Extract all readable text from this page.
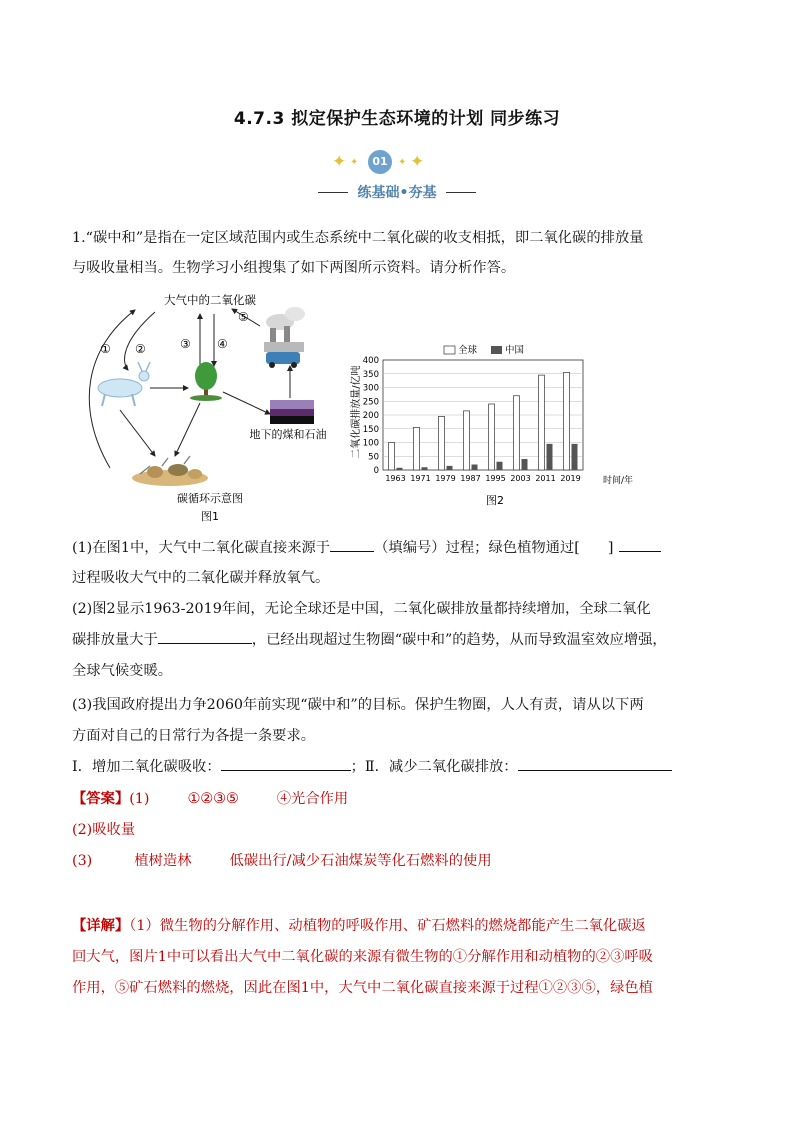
4.7.3 拟定保护生态环境的计划 同步练习
✦ ✦	01	✦ ✦
练基础•夯基
1.“碳中和”是指在一定区域范围内或生态系统中二氧化碳的收支相抵，即二氧化碳的排放量
与吸收量相当。生物学习小组搜集了如下两图所示资料。请分析作答。
大气中的二氧化碳
① ②	③ ④
⑤
地下的煤和石油
碳循环示意图
图1
0
50
100
150
200
250
300
350
400
1963 1971 1979 1987 1995 2003 2011 2019
二氧化碳排放量/亿吨
全球	中国
时间/年
图2
(1)在图1中，大气中二氧化碳直接来源于	（填编号）过程；绿色植物通过[ ]
过程吸收大气中的二氧化碳并释放氧气。
(2)图2显示1963-2019年间，无论全球还是中国，二氧化碳排放量都持续增加，全球二氧化
碳排放量大于	，已经出现超过生物圈“碳中和”的趋势，从而导致温室效应增强，
全球气候变暖。
(3)我国政府提出力争2060年前实现“碳中和”的目标。保护生物圈，人人有责，请从以下两
方面对自己的日常行为各提一条要求。
Ⅰ．增加二氧化碳吸收：	；Ⅱ．减少二氧化碳排放：
【答案】(1)	①②③⑤	④光合作用
(2)吸收量
(3)	植树造林	低碳出行/减少石油煤炭等化石燃料的使用
【详解】（1）微生物的分解作用、动植物的呼吸作用、矿石燃料的燃烧都能产生二氧化碳返
回大气，图片1中可以看出大气中二氧化碳的来源有微生物的①分解作用和动植物的②③呼吸
作用，⑤矿石燃料的燃烧，因此在图1中，大气中二氧化碳直接来源于过程①②③⑤，绿色植
